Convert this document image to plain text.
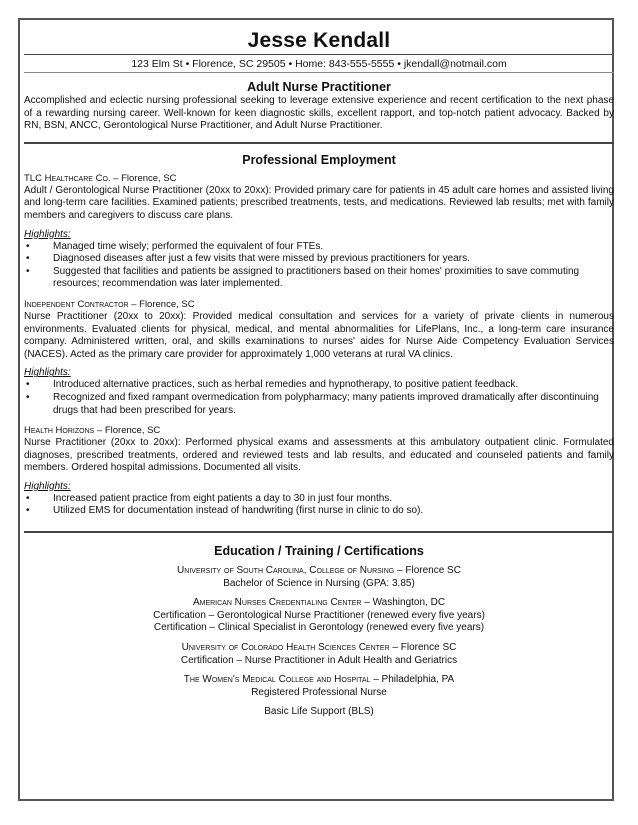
Jesse Kendall

123 Elm St • Florence, SC 29505 • Home: 843-555-5555 • jkendall@notmail.com

Adult Nurse Practitioner

Accomplished and eclectic nursing professional seeking to leverage extensive experience and recent certification to the next phase of a rewarding nursing career. Well-known for keen diagnostic skills, excellent rapport, and top-notch patient advocacy. Backed by RN, BSN, ANCC, Gerontological Nurse Practitioner, and Adult Nurse Practitioner.

Professional Employment

TLC Healthcare Co. – Florence, SC

Adult / Gerontological Nurse Practitioner (20xx to 20xx): Provided primary care for patients in 45 adult care homes and assisted living and long-term care facilities. Examined patients; prescribed treatments, tests, and medications. Reviewed lab results; met with family members and caregivers to discuss care plans.

Highlights:

• Managed time wisely; performed the equivalent of four FTEs.
• Diagnosed diseases after just a few visits that were missed by previous practitioners for years.
• Suggested that facilities and patients be assigned to practitioners based on their homes' proximities to save commuting resources; recommendation was later implemented.

Independent Contractor – Florence, SC

Nurse Practitioner (20xx to 20xx): Provided medical consultation and services for a variety of private clients in numerous environments. Evaluated clients for physical, medical, and mental abnormalities for LifePlans, Inc., a long-term care insurance company. Administered written, oral, and skills examinations to nurses' aides for Nurse Aide Competency Evaluation Services (NACES). Acted as the primary care provider for approximately 1,000 veterans at rural VA clinics.

Highlights:

• Introduced alternative practices, such as herbal remedies and hypnotherapy, to positive patient feedback.
• Recognized and fixed rampant overmedication from polypharmacy; many patients improved dramatically after discontinuing drugs that had been prescribed for years.

Health Horizons – Florence, SC

Nurse Practitioner (20xx to 20xx): Performed physical exams and assessments at this ambulatory outpatient clinic. Formulated diagnoses, prescribed treatments, ordered and reviewed tests and lab results, and educated and counseled patients and family members. Ordered hospital admissions. Documented all visits.

Highlights:

• Increased patient practice from eight patients a day to 30 in just four months.
• Utilized EMS for documentation instead of handwriting (first nurse in clinic to do so).
Education / Training / Certifications

University of South Carolina, College of Nursing – Florence SC

Bachelor of Science in Nursing (GPA: 3.85)

American Nurses Credentialing Center – Washington, DC

Certification – Gerontological Nurse Practitioner (renewed every five years)

Certification – Clinical Specialist in Gerontology (renewed every five years)

University of Colorado Health Sciences Center – Florence SC

Certification – Nurse Practitioner in Adult Health and Geriatrics

The Women's Medical College and Hospital – Philadelphia, PA

Registered Professional Nurse

Basic Life Support (BLS)
